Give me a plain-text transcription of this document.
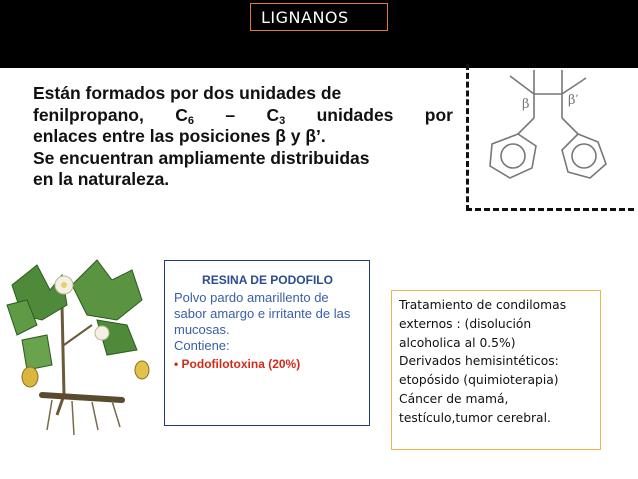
LIGNANOS

Están formados por dos unidades de

fenilpropano, $C_6 - C_3$ unidades por

enlaces entre las posiciones β y β’.

Se encuentran ampliamente distribuidas

en la naturaleza.

β	β′
RESINA DE PODOFILO
Polvo pardo amarillento de sabor amargo e irritante de las mucosas.
Contiene:
• Podofilotoxina (20%)
Tratamiento de condilomas
externos : (disolución
alcoholica al 0.5%)
Derivados hemisintéticos:
etopósido (quimioterapia)
Cáncer de mamá,
testículo,tumor cerebral.
